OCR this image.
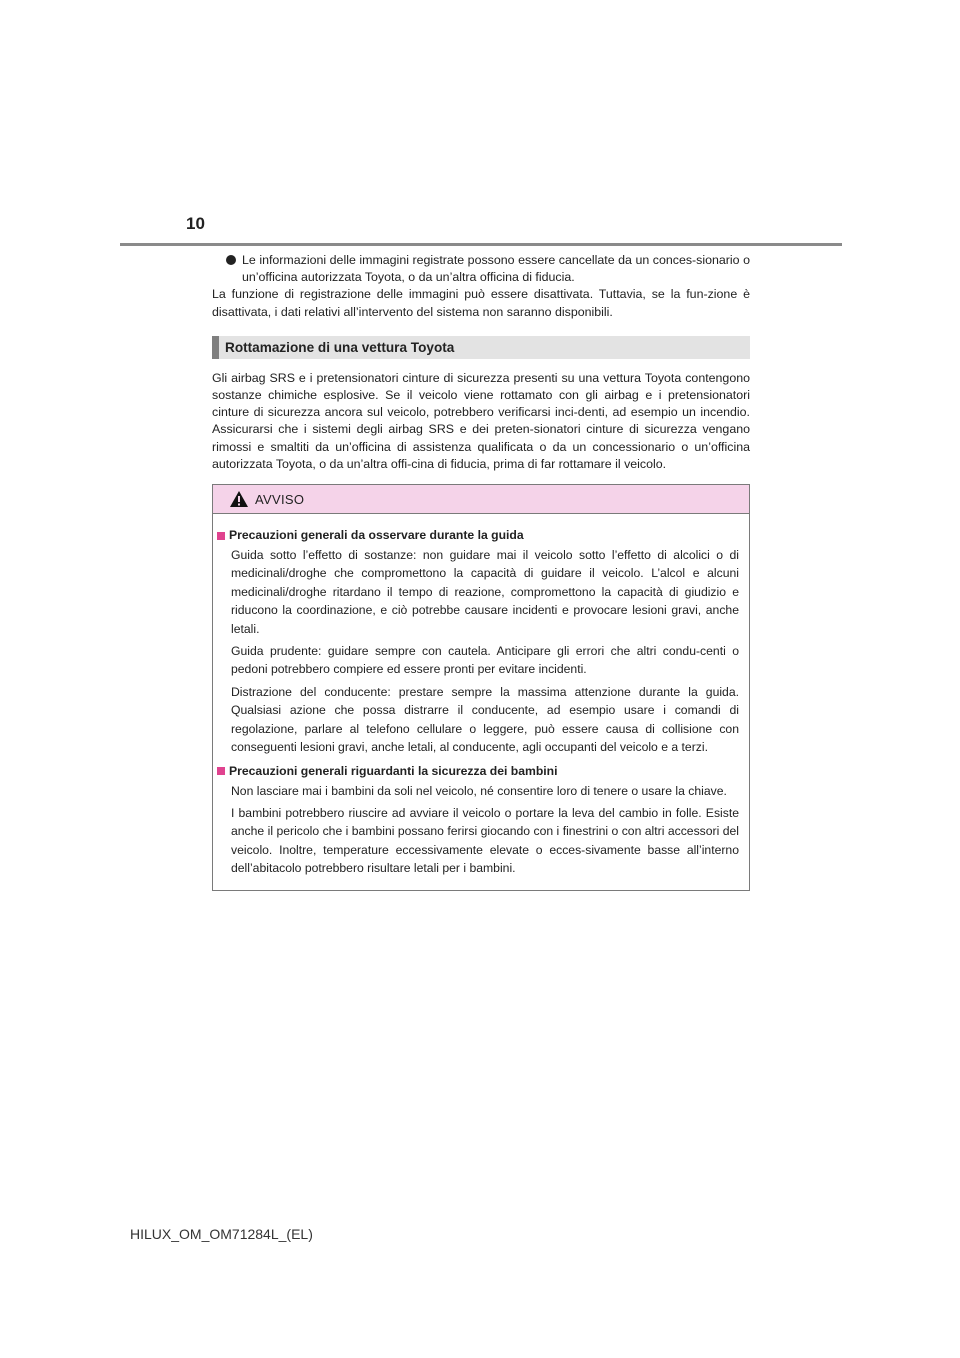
10

Le informazioni delle immagini registrate possono essere cancellate da un conces-sionario o un’officina autorizzata Toyota, o da un’altra officina di fiducia.

La funzione di registrazione delle immagini può essere disattivata. Tuttavia, se la fun-zione è disattivata, i dati relativi all’intervento del sistema non saranno disponibili.

Rottamazione di una vettura Toyota

Gli airbag SRS e i pretensionatori cinture di sicurezza presenti su una vettura Toyota contengono sostanze chimiche esplosive. Se il veicolo viene rottamato con gli airbag e i pretensionatori cinture di sicurezza ancora sul veicolo, potrebbero verificarsi inci-denti, ad esempio un incendio. Assicurarsi che i sistemi degli airbag SRS e dei preten-sionatori cinture di sicurezza vengano rimossi e smaltiti da un’officina di assistenza qualificata o da un concessionario o un’officina autorizzata Toyota, o da un’altra offi-cina di fiducia, prima di far rottamare il veicolo.

AVVISO
Precauzioni generali da osservare durante la guida

Guida sotto l’effetto di sostanze: non guidare mai il veicolo sotto l’effetto di alcolici o di medicinali/droghe che compromettono la capacità di guidare il veicolo. L’alcol e alcuni medicinali/droghe ritardano il tempo di reazione, compromettono la capacità di giudizio e riducono la coordinazione, e ciò potrebbe causare incidenti e provocare lesioni gravi, anche letali.

Guida prudente: guidare sempre con cautela. Anticipare gli errori che altri condu-centi o pedoni potrebbero compiere ed essere pronti per evitare incidenti.

Distrazione del conducente: prestare sempre la massima attenzione durante la guida. Qualsiasi azione che possa distrarre il conducente, ad esempio usare i comandi di regolazione, parlare al telefono cellulare o leggere, può essere causa di collisione con conseguenti lesioni gravi, anche letali, al conducente, agli occupanti del veicolo e a terzi.

Precauzioni generali riguardanti la sicurezza dei bambini

Non lasciare mai i bambini da soli nel veicolo, né consentire loro di tenere o usare la chiave.

I bambini potrebbero riuscire ad avviare il veicolo o portare la leva del cambio in folle. Esiste anche il pericolo che i bambini possano ferirsi giocando con i finestrini o con altri accessori del veicolo. Inoltre, temperature eccessivamente elevate o ecces-sivamente basse all’interno dell’abitacolo potrebbero risultare letali per i bambini.

HILUX_OM_OM71284L_(EL)
